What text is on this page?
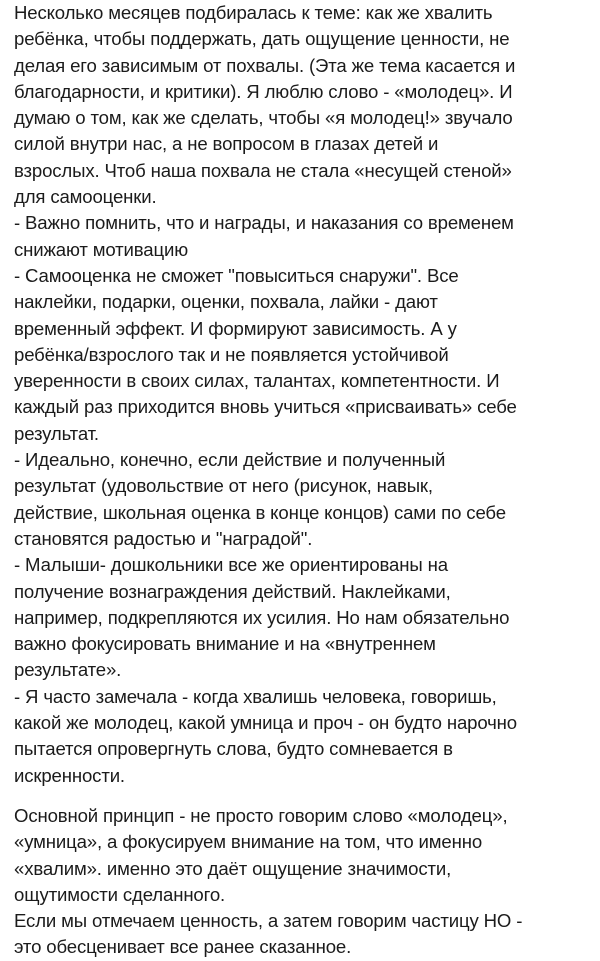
Несколько месяцев подбиралась к теме: как же хвалить
ребёнка, чтобы поддержать, дать ощущение ценности, не
делая его зависимым от похвалы. (Эта же тема касается и
благодарности, и критики). Я люблю слово - «молодец». И
думаю о том, как же сделать, чтобы «я молодец!» звучало
силой внутри нас, а не вопросом в глазах детей и
взрослых. Чтоб наша похвала не стала «несущей стеной»
для самооценки.
- Важно помнить, что и награды, и наказания со временем
снижают мотивацию
- Самооценка не сможет "повыситься снаружи". Все
наклейки, подарки, оценки, похвала, лайки - дают
временный эффект. И формируют зависимость. А у
ребёнка/взрослого так и не появляется устойчивой
уверенности в своих силах, талантах, компетентности. И
каждый раз приходится вновь учиться «присваивать» себе
результат.
- Идеально, конечно, если действие и полученный
результат (удовольствие от него (рисунок, навык,
действие, школьная оценка в конце концов) сами по себе
становятся радостью и "наградой".
- Малыши- дошкольники все же ориентированы на
получение вознаграждения действий. Наклейками,
например, подкрепляются их усилия. Но нам обязательно
важно фокусировать внимание и на «внутреннем
результате».
- Я часто замечала - когда хвалишь человека, говоришь,
какой же молодец, какой умница и проч - он будто нарочно
пытается опровергнуть слова, будто сомневается в
искренности.
Основной принцип - не просто говорим слово «молодец»,
«умница», а фокусируем внимание на том, что именно
«хвалим». именно это даёт ощущение значимости,
ощутимости сделанного.
Если мы отмечаем ценность, а затем говорим частицу НО -
это обесценивает все ранее сказанное.
